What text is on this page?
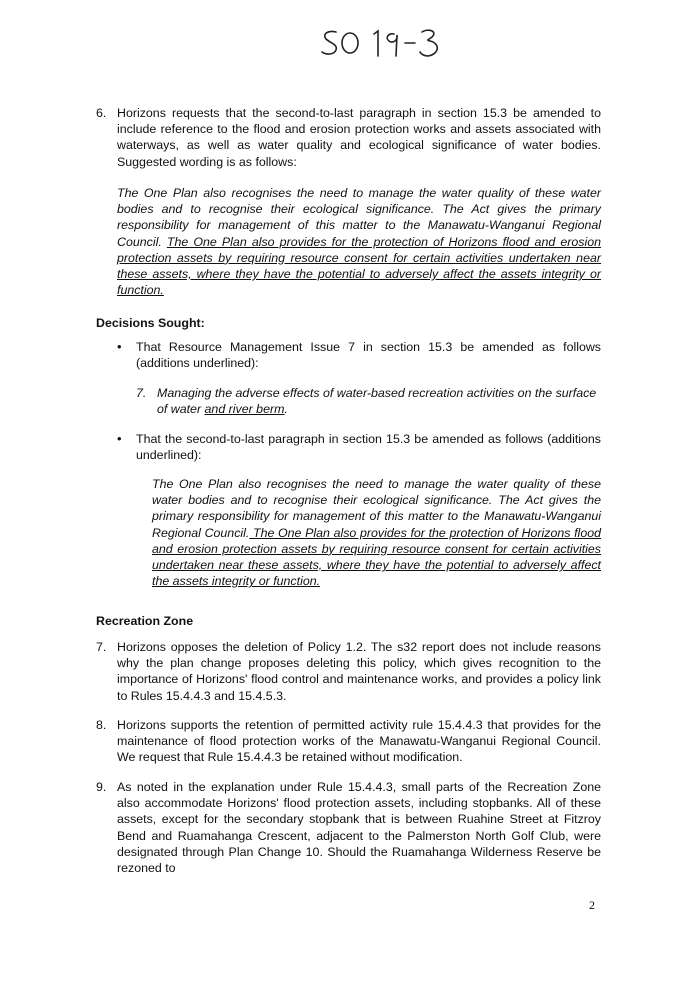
6. Horizons requests that the second-to-last paragraph in section 15.3 be amended to include reference to the flood and erosion protection works and assets associated with waterways, as well as water quality and ecological significance of water bodies. Suggested wording is as follows:
The One Plan also recognises the need to manage the water quality of these water bodies and to recognise their ecological significance. The Act gives the primary responsibility for management of this matter to the Manawatu-Wanganui Regional Council. The One Plan also provides for the protection of Horizons flood and erosion protection assets by requiring resource consent for certain activities undertaken near these assets, where they have the potential to adversely affect the assets integrity or function.
Decisions Sought:
• That Resource Management Issue 7 in section 15.3 be amended as follows (additions underlined):
7. Managing the adverse effects of water-based recreation activities on the surface of water and river berm.
• That the second-to-last paragraph in section 15.3 be amended as follows (additions underlined):
The One Plan also recognises the need to manage the water quality of these water bodies and to recognise their ecological significance. The Act gives the primary responsibility for management of this matter to the Manawatu-Wanganui Regional Council. The One Plan also provides for the protection of Horizons flood and erosion protection assets by requiring resource consent for certain activities undertaken near these assets, where they have the potential to adversely affect the assets integrity or function.
Recreation Zone
7. Horizons opposes the deletion of Policy 1.2. The s32 report does not include reasons why the plan change proposes deleting this policy, which gives recognition to the importance of Horizons' flood control and maintenance works, and provides a policy link to Rules 15.4.4.3 and 15.4.5.3.
8. Horizons supports the retention of permitted activity rule 15.4.4.3 that provides for the maintenance of flood protection works of the Manawatu-Wanganui Regional Council. We request that Rule 15.4.4.3 be retained without modification.
9. As noted in the explanation under Rule 15.4.4.3, small parts of the Recreation Zone also accommodate Horizons' flood protection assets, including stopbanks. All of these assets, except for the secondary stopbank that is between Ruahine Street at Fitzroy Bend and Ruamahanga Crescent, adjacent to the Palmerston North Golf Club, were designated through Plan Change 10. Should the Ruamahanga Wilderness Reserve be rezoned to
2
